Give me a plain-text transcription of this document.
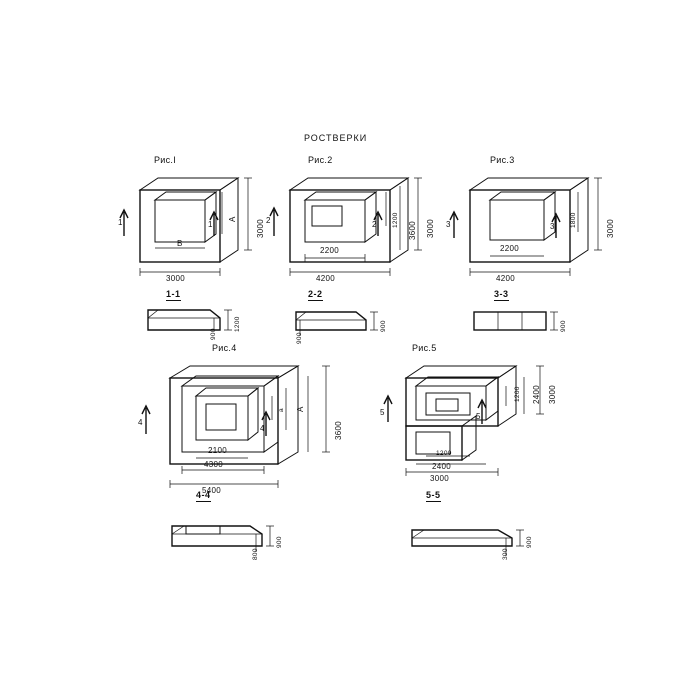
РОСТВЕРКИ
Рис.I	Рис.2	Рис.3
Рис.4	Рис.5
1-1	2-2	3-3
4-4	5-5
3000
3000
B
A
1	1
1200
900
4200
2200
3000
3600
1200
2	2
900
900
4200
2200
3000
1800
3	3
900
5400
4300
2100
3600
A
a
4
4
900
800
3000
2400
1200
3000
2400
1200
5	5
900
300
